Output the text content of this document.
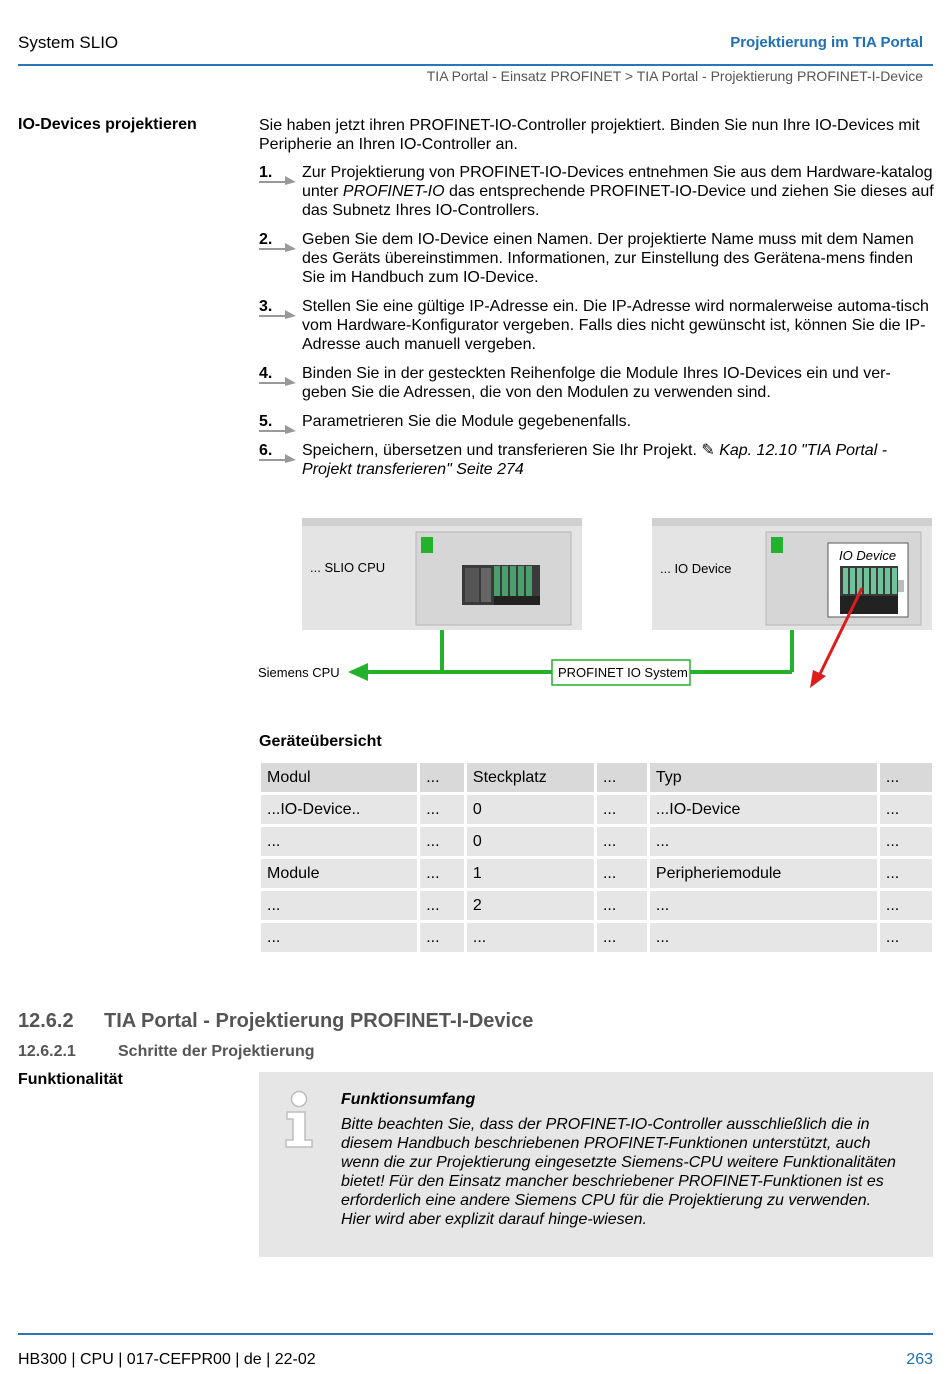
System SLIO	Projektierung im TIA Portal
TIA Portal - Einsatz PROFINET > TIA Portal - Projektierung PROFINET-I-Device
IO-Devices projektieren	Sie haben jetzt ihren PROFINET-IO-Controller projektiert. Binden Sie nun Ihre IO-Devices mit Peripherie an Ihren IO-Controller an.
1. Zur Projektierung von PROFINET-IO-Devices entnehmen Sie aus dem Hardware-katalog unter PROFINET-IO das entsprechende PROFINET-IO-Device und ziehen Sie dieses auf das Subnetz Ihres IO-Controllers.
2. Geben Sie dem IO-Device einen Namen. Der projektierte Name muss mit dem Namen des Geräts übereinstimmen. Informationen, zur Einstellung des Gerätena-mens finden Sie im Handbuch zum IO-Device.
3. Stellen Sie eine gültige IP-Adresse ein. Die IP-Adresse wird normalerweise automa-tisch vom Hardware-Konfigurator vergeben. Falls dies nicht gewünscht ist, können Sie die IP-Adresse auch manuell vergeben.
4. Binden Sie in der gesteckten Reihenfolge die Module Ihres IO-Devices ein und ver-geben Sie die Adressen, die von den Modulen zu verwenden sind.
5. Parametrieren Sie die Module gegebenenfalls.
6. Speichern, übersetzen und transferieren Sie Ihr Projekt. ✎ Kap. 12.10 "TIA Portal - Projekt transferieren" Seite 274
... SLIO CPU	... IO Device
IO Device
Siemens CPU	PROFINET IO System
Geräteübersicht
Modul	...	Steckplatz	...	Typ	...
...IO-Device..	...	0	...	...IO-Device	...
...	...	0	...	...	...
Module	...	1	...	Peripheriemodule	...
...	...	2	...	...	...
...	...	...	...	...	...
12.6.2 TIA Portal - Projektierung PROFINET-I-Device
12.6.2.1	Schritte der Projektierung
Funktionalität
Funktionsumfang
Bitte beachten Sie, dass der PROFINET-IO-Controller ausschließlich die in diesem Handbuch beschriebenen PROFINET-Funktionen unterstützt, auch wenn die zur Projektierung eingesetzte Siemens-CPU weitere Funktionalitäten bietet! Für den Einsatz mancher beschriebener PROFINET-Funktionen ist es erforderlich eine andere Siemens CPU für die Projektierung zu verwenden. Hier wird aber explizit darauf hinge-wiesen.
HB300 | CPU | 017-CEFPR00 | de | 22-02	263
